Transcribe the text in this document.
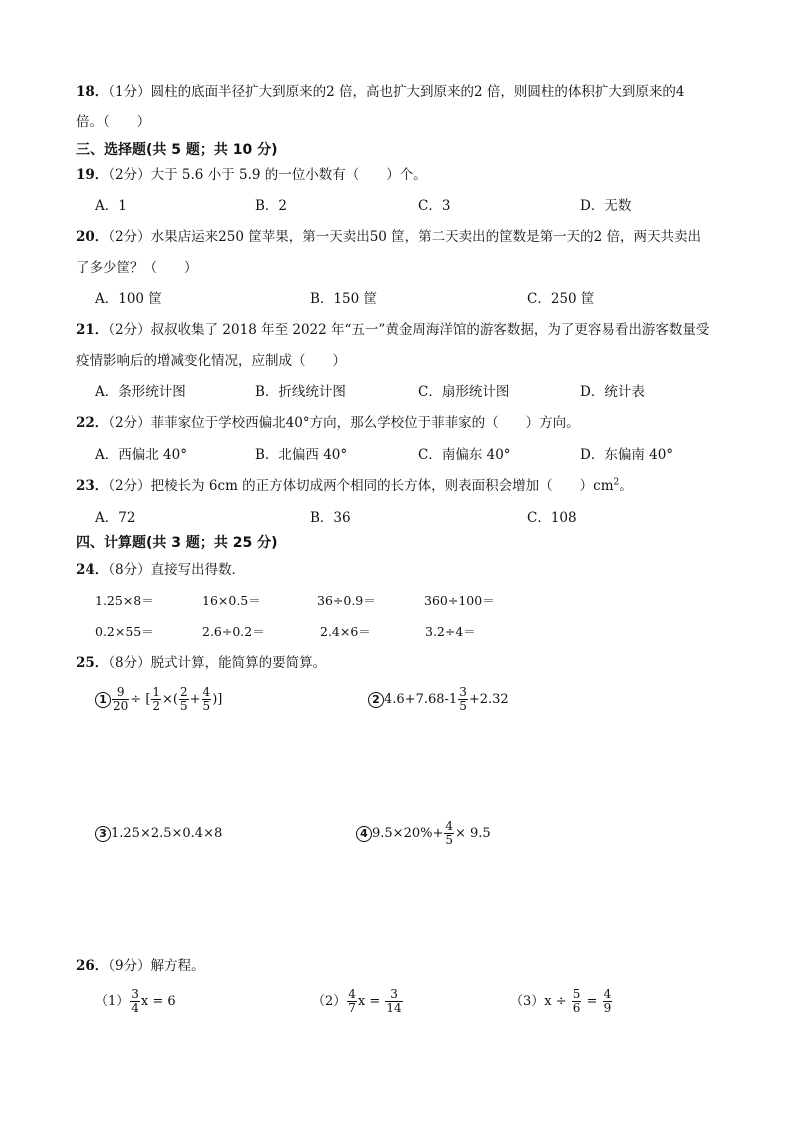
18．（1分）圆柱的底面半径扩大到原来的2 倍，高也扩大到原来的2 倍，则圆柱的体积扩大到原来的4
倍。（　　）
三、选择题(共 5 题；共 10 分)
19．（2分）大于 5.6 小于 5.9 的一位小数有（　　）个。
A．1	B．2	C．3	D．无数
20．（2分）水果店运来250 筐苹果，第一天卖出50 筐，第二天卖出的筐数是第一天的2 倍，两天共卖出
了多少筐？（　　）
A．100 筐	B．150 筐	C．250 筐
21．（2分）叔叔收集了 2018 年至 2022 年“五一”黄金周海洋馆的游客数据，为了更容易看出游客数量受
疫情影响后的增减变化情况，应制成（　　）
A．条形统计图	B．折线统计图	C．扇形统计图	D．统计表
22．（2分）菲菲家位于学校西偏北40°方向，那么学校位于菲菲家的（　　）方向。
A．西偏北 40°	B．北偏西 40°	C．南偏东 40°	D．东偏南 40°
23．（2分）把棱长为 6cm 的正方体切成两个相同的长方体，则表面积会增加（　　）$cm^2$。
A．72	B．36	C．108
四、计算题(共 3 题；共 25 分)
24．（8分）直接写出得数．
1.25×8＝	16×0.5＝	36÷0.9＝	360÷100＝
0.2×55＝	2.6÷0.2＝	2.4×6＝	3.2÷4＝
25．（8分）脱式计算，能简算的要简算。
$1 \frac{9}{20}$ ÷ [ $\frac{1}{2}$ ×( $\frac{2}{5} + \frac{4}{5}$ )]	2 $4.6+7.68-1 \frac{3}{5} +2.32$
3 1.25×2.5×0.4×8	4 $9.5\times 20\%+ \frac{4}{5} \times 9.5$
26．（9分）解方程。
$(1) \frac{3}{4}$ x = 6	$(2) \frac{4}{7}$ $x = \frac{3}{14}$	$(3)x \div \frac{5}{6} = \frac{4}{9}$
